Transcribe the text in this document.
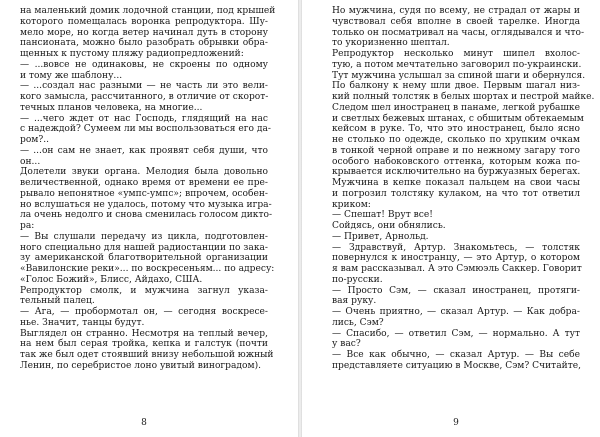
на маленький домик лодочной станции, под крышей
которого помещалась воронка репродуктора. Шу-
мело море, но когда ветер начинал дуть в сторону
пансионата, можно было разобрать обрывки обра-
щенных к пустому пляжу радиопредложений:
— ...вовсе не одинаковы, не скроены по одному
и тому же шаблону...
— ...создал нас разными — не часть ли это вели-
кого замысла, рассчитанного, в отличие от скорот-
течных планов человека, на многие...
— ...чего ждет от нас Господь, глядящий на нас
с надеждой? Сумеем ли мы воспользоваться его да-
ром?..
— ...он сам не знает, как проявят себя души, что
он...
Долетели звуки органа. Мелодия была довольно
величественной, однако время от времени ее пре-
рывало непонятное «умпс-умпс»; впрочем, особен-
но вслушаться не удалось, потому что музыка игра-
ла очень недолго и снова сменилась голосом дикто-
ра:
— Вы слушали передачу из цикла, подготовлен-
ного специально для нашей радиостанции по зака-
зу американской благотворительной организации
«Вавилонские реки»... по воскресеньям... по адресу:
«Голос Божий», Блисс, Айдахо, США.
Репродуктор смолк, и мужчина загнул указа-
тельный палец.
— Ага, — пробормотал он, — сегодня воскресе-
нье. Значит, танцы будут.
Выглядел он странно. Несмотря на теплый вечер,
на нем был серая тройка, кепка и галстук (почти
так же был одет стоявший внизу небольшой южный
Ленин, по серебристое лоно увитый виноградом).
8
Но мужчина, судя по всему, не страдал от жары и
чувствовал себя вполне в своей тарелке. Иногда
только он посматривал на часы, оглядывался и что-
то укоризненно шептал.
Репродуктор несколько минут шипел вхолос-
тую, а потом мечтательно заговорил по-украински.
Тут мужчина услышал за спиной шаги и обернулся.
По балкону к нему шли двое. Первым шагал низ-
кий полный толстяк в белых шортах и пестрой майке.
Следом шел иностранец в панаме, легкой рубашке
и светлых бежевых штанах, с обшитым обтекаемым
кейсом в руке. То, что это иностранец, было ясно
не столько по одежде, сколько по хрупким очкам
в тонкой черной оправе и по нежному загару того
особого набоковского оттенка, которым кожа по-
крывается исключительно на буржуазных берегах.
Мужчина в кепке показал пальцем на свои часы
и погрозил толстяку кулаком, на что тот ответил
криком:
— Спешат! Врут все!
Сойдясь, они обнялись.
— Привет, Арнольд.
— Здравствуй, Артур. Знакомьтесь, — толстяк
повернулся к иностранцу, — это Артур, о котором
я вам рассказывал. А это Сэмюэль Саккер. Говорит
по-русски.
— Просто Сэм, — сказал иностранец, протяги-
вая руку.
— Очень приятно, — сказал Артур. — Как добра-
лись, Сэм?
— Спасибо, — ответил Сэм, — нормально. А тут
у вас?
— Все как обычно, — сказал Артур. — Вы себе
представляете ситуацию в Москве, Сэм? Считайте,
9
